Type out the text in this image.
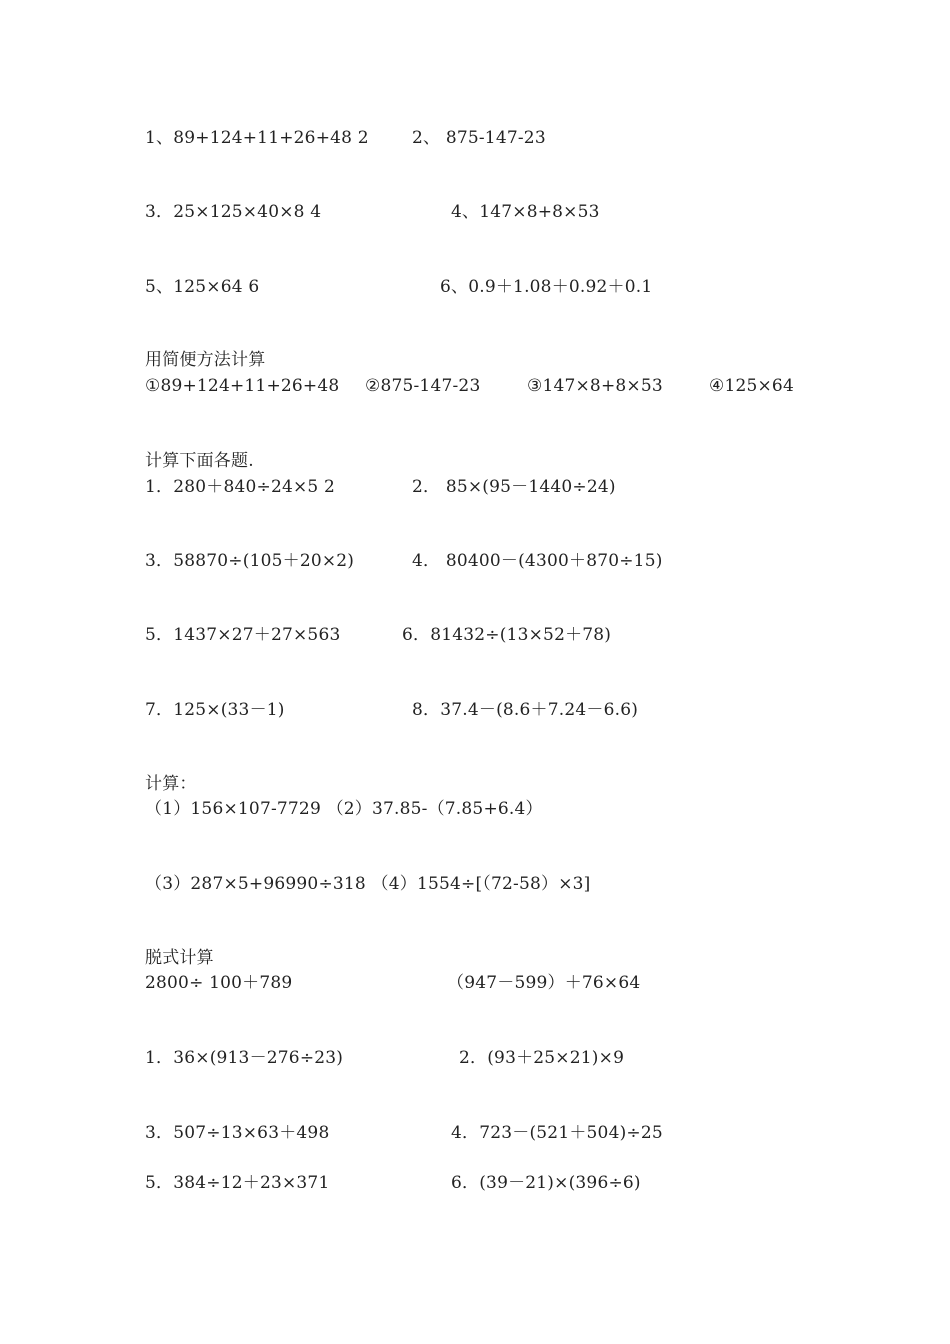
1、89+124+11+26+48 2	2、 875-147-23
3．25×125×40×8 4	4、147×8+8×53
5、125×64 6	6、0.9＋1.08＋0.92＋0.1
用简便方法计算
①89+124+11+26+48 ②875-147-23	③147×8+8×53	④125×64
计算下面各题.
1．280＋840÷24×5 2	2． 85×(95－1440÷24)
3．58870÷(105＋20×2)	4． 80400－(4300＋870÷15)
5．1437×27＋27×563	6．81432÷(13×52＋78)
7．125×(33－1)	8．37.4－(8.6＋7.24－6.6)
计算：
（1）156×107-7729 （2）37.85-（7.85+6.4）
（3）287×5+96990÷318 （4）1554÷[（72-58）×3]
脱式计算
2800÷ 100＋789	（947－599）＋76×64
1．36×(913－276÷23)	2．(93＋25×21)×9
3．507÷13×63＋498	4．723－(521＋504)÷25
5．384÷12＋23×371	6．(39－21)×(396÷6)
